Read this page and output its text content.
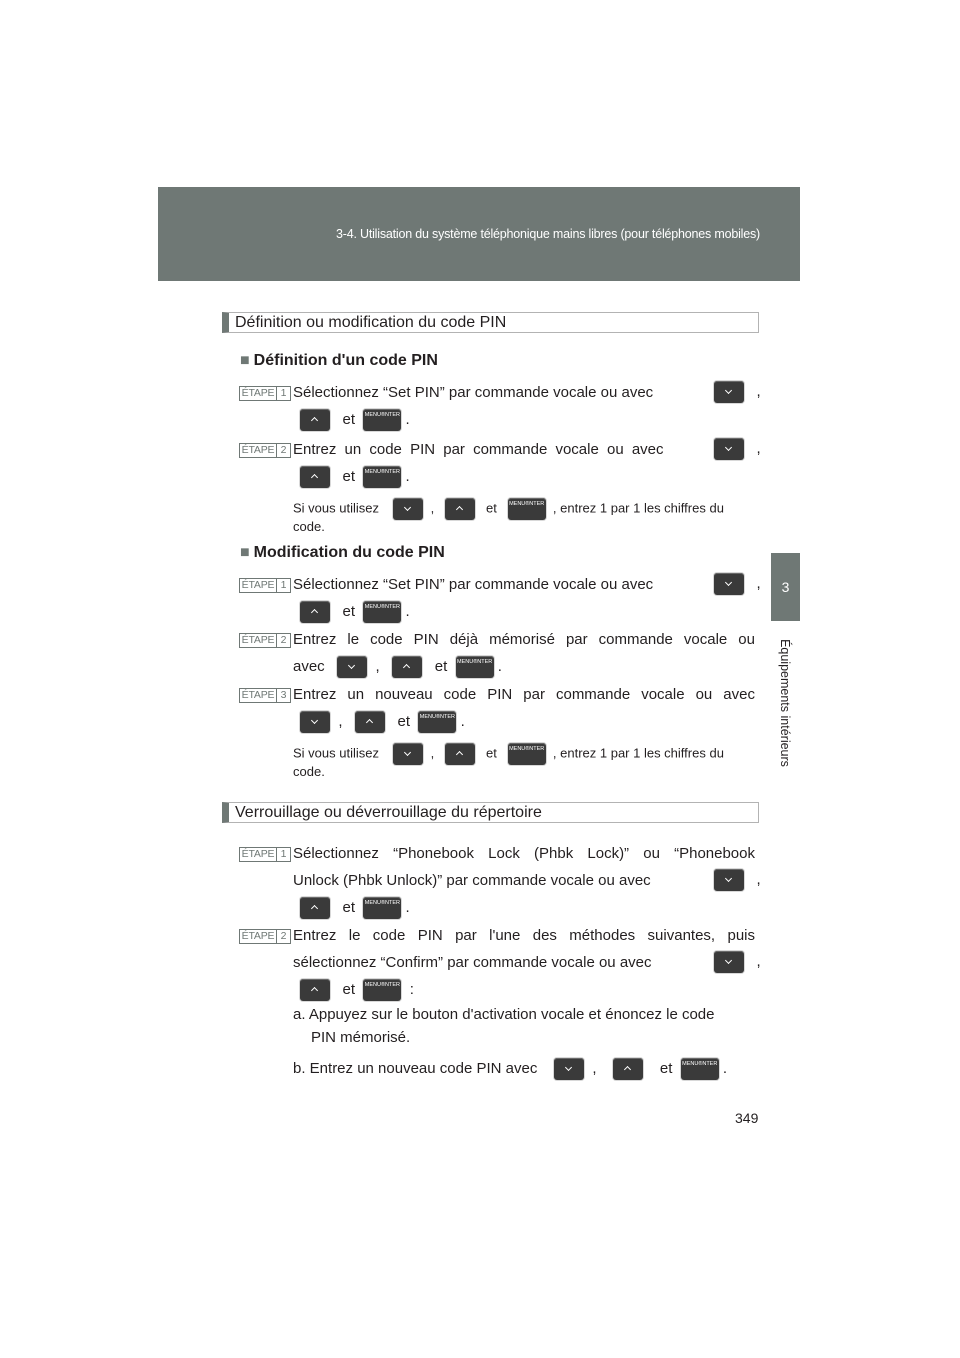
3-4. Utilisation du système téléphonique mains libres (pour téléphones mobiles)
3
Équipements intérieurs
Définition ou modification du code PIN
■ Définition d'un code PIN
ÉTAPE 1 Sélectionnez “Set PIN” par commande vocale ou avec	,
et MENU®NTER	.
ÉTAPE 2 Entrez un code PIN par commande vocale ou avec	,
et MENU®NTER	.
Si vous utilisez	,	et MENU®NTER	, entrez 1 par 1 les chiffres du
code.
■ Modification du code PIN
ÉTAPE 1 Sélectionnez “Set PIN” par commande vocale ou avec	,
et MENU®NTER	.
ÉTAPE 2 Entrez le code PIN déjà mémorisé par commande vocale ou
avec	,	et MENU®NTER	.
ÉTAPE 3 Entrez un nouveau code PIN par commande vocale ou avec
,	et MENU®NTER	.
Si vous utilisez	,	et MENU®NTER	, entrez 1 par 1 les chiffres du
code.
Verrouillage ou déverrouillage du répertoire
ÉTAPE 1 Sélectionnez “Phonebook Lock (Phbk Lock)” ou “Phonebook
Unlock (Phbk Unlock)” par commande vocale ou avec	,
et MENU®NTER	.
ÉTAPE 2 Entrez le code PIN par l'une des méthodes suivantes, puis
sélectionnez “Confirm” par commande vocale ou avec	,
et MENU®NTER	:
a. Appuyez sur le bouton d'activation vocale et énoncez le code
PIN mémorisé.
b. Entrez un nouveau code PIN avec	,	et MENU®NTER	.
349
